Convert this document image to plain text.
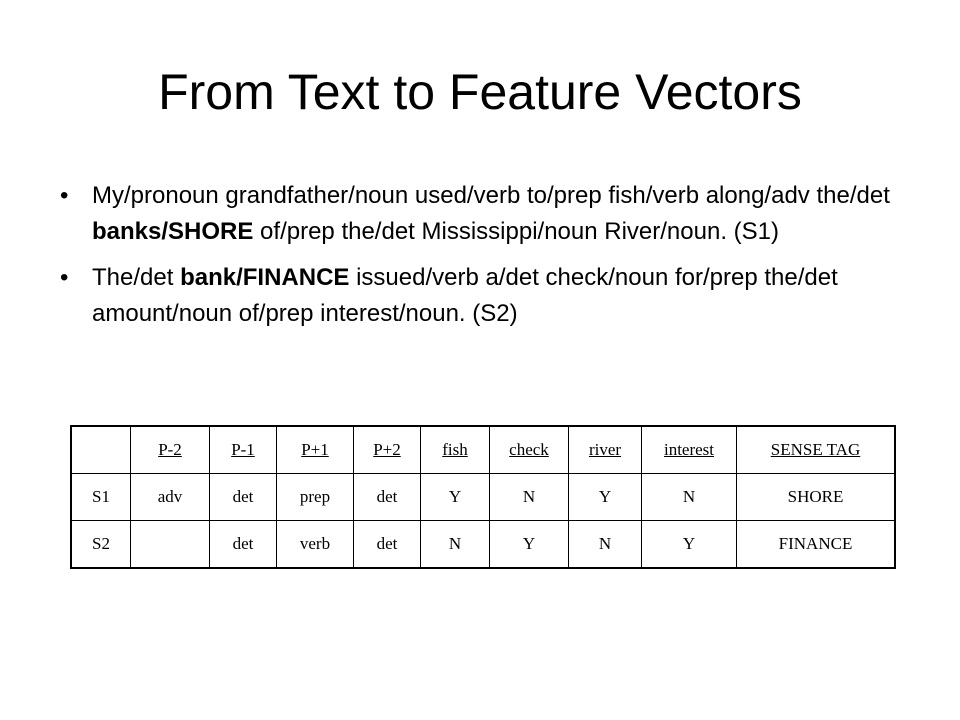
From Text to Feature Vectors
• My/pronoun grandfather/noun used/verb to/prep fish/verb along/adv the/det banks/SHORE of/prep the/det Mississippi/noun River/noun. (S1)
• The/det bank/FINANCE issued/verb a/det check/noun for/prep the/det amount/noun of/prep interest/noun. (S2)
	P-2	P-1	P+1	P+2	fish	check	river	interest	SENSE TAG
S1	adv	det	prep	det	Y	N	Y	N	SHORE
S2		det	verb	det	N	Y	N	Y	FINANCE
